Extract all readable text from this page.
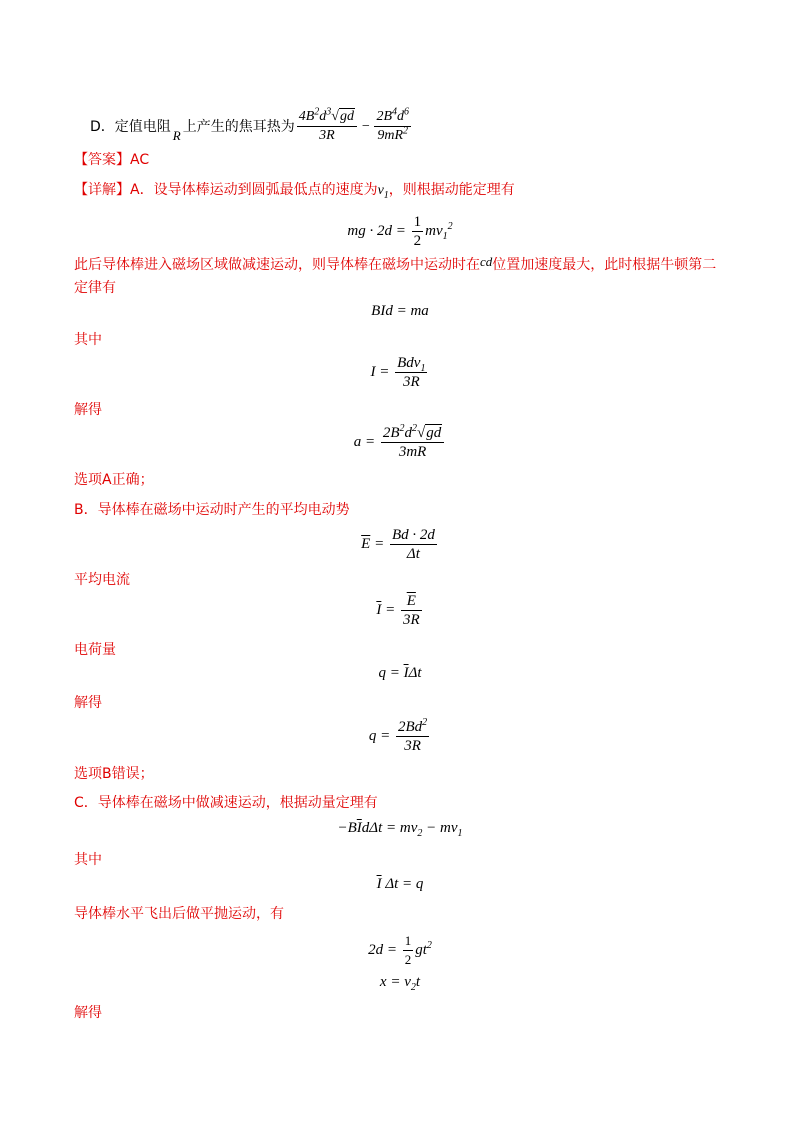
D．定值电阻
R
上产生的焦耳热为 $\frac{4B^2d^3√gd}{3R} - \frac{2B^4d^6}{9mR^2}$
【答案】AC
【详解】A．设导体棒运动到圆弧最低点的速度为$v_1$，则根据动能定理有
mg · $2d = \frac{1}{2} mv_1^2$
此后导体棒进入磁场区域做减速运动，则导体棒在磁场中运动时在cd位置加速度最大，此时根据牛顿第二
定律有
BId = ma
其中
$I = \frac{Bdv_1}{3R}$
解得
$a = \frac{2B^2d^2√gd}{3mR}$
选项A正确；
B．导体棒在磁场中运动时产生的平均电动势
$\overline{E} = \frac{Bd \cdot 2d}{\Delta t}$
平均电流
$\overline{I} = \frac{\overline{E}}{3R}$
电荷量
$q = \overline{I}\Delta t$
解得
$q = \frac{2Bd^2}{3R}$
选项B错误；
C．导体棒在磁场中做减速运动，根据动量定理有
$-B\overline{I}d\Delta t = mv_2 - mv_1$
其中
$\overline{I}$ Δt = q
导体棒水平飞出后做平抛运动，有
$2d = \frac{1}{2} gt^2$
$x = v_2t$
解得
